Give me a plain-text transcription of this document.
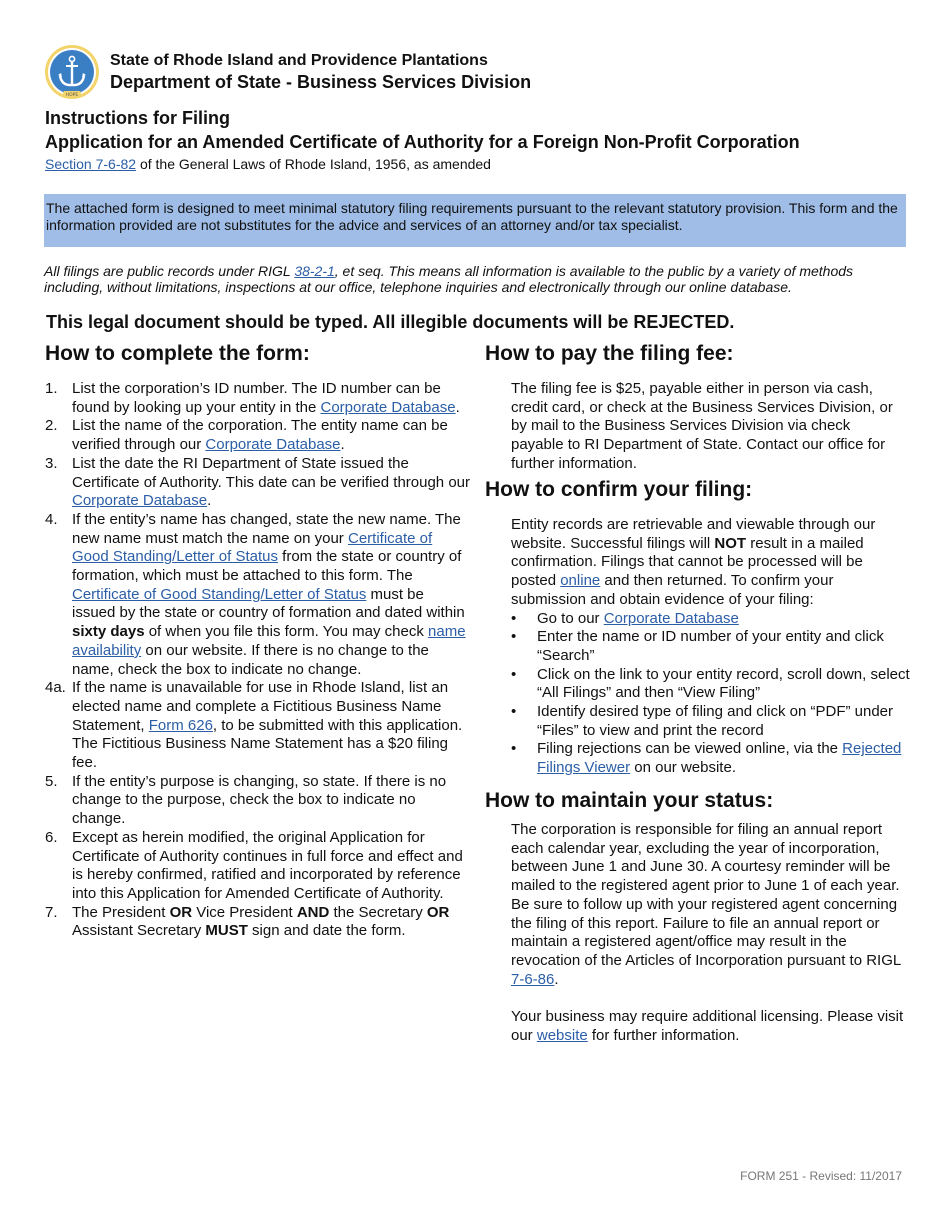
HOPE
State of Rhode Island and Providence Plantations
Department of State - Business Services Division
Instructions for Filing
Application for an Amended Certificate of Authority for a Foreign Non-Profit Corporation
Section 7-6-82 of the General Laws of Rhode Island, 1956, as amended
The attached form is designed to meet minimal statutory filing requirements pursuant to the relevant statutory provision. This form and the information provided are not substitutes for the advice and services of an attorney and/or tax specialist.
All filings are public records under RIGL 38-2-1, et seq. This means all information is available to the public by a variety of methods including, without limitations, inspections at our office, telephone inquiries and electronically through our online database.
This legal document should be typed. All illegible documents will be REJECTED.
How to complete the form:
1. List the corporation’s ID number. The ID number can be found by looking up your entity in the Corporate Database.
2. List the name of the corporation. The entity name can be verified through our Corporate Database.
3. List the date the RI Department of State issued the Certificate of Authority. This date can be verified through our Corporate Database.
4. If the entity’s name has changed, state the new name. The new name must match the name on your Certificate of Good Standing/Letter of Status from the state or country of formation, which must be attached to this form. The Certificate of Good Standing/Letter of Status must be issued by the state or country of formation and dated within sixty days of when you file this form. You may check name availability on our website. If there is no change to the name, check the box to indicate no change.
4a. If the name is unavailable for use in Rhode Island, list an elected name and complete a Fictitious Business Name Statement, Form 626, to be submitted with this application. The Fictitious Business Name Statement has a $20 filing fee.
5. If the entity’s purpose is changing, so state. If there is no change to the purpose, check the box to indicate no change.
6. Except as herein modified, the original Application for Certificate of Authority continues in full force and effect and is hereby confirmed, ratified and incorporated by reference into this Application for Amended Certificate of Authority.
7. The President OR Vice President AND the Secretary OR Assistant Secretary MUST sign and date the form.
How to pay the filing fee:
The filing fee is $25, payable either in person via cash, credit card, or check at the Business Services Division, or by mail to the Business Services Division via check payable to RI Department of State. Contact our office for further information.
How to confirm your filing:
Entity records are retrievable and viewable through our website. Successful filings will NOT result in a mailed confirmation. Filings that cannot be processed will be posted online and then returned. To confirm your submission and obtain evidence of your filing:
•	Go to our Corporate Database
•	Enter the name or ID number of your entity and click “Search”
•	Click on the link to your entity record, scroll down, select “All Filings” and then “View Filing”
•	Identify desired type of filing and click on “PDF” under “Files” to view and print the record
•	Filing rejections can be viewed online, via the Rejected Filings Viewer on our website.
How to maintain your status:
The corporation is responsible for filing an annual report each calendar year, excluding the year of incorporation, between June 1 and June 30. A courtesy reminder will be mailed to the registered agent prior to June 1 of each year. Be sure to follow up with your registered agent concerning the filing of this report. Failure to file an annual report or maintain a registered agent/office may result in the revocation of the Articles of Incorporation pursuant to RIGL 7-6-86.
Your business may require additional licensing. Please visit our website for further information.
FORM 251 - Revised: 11/2017
